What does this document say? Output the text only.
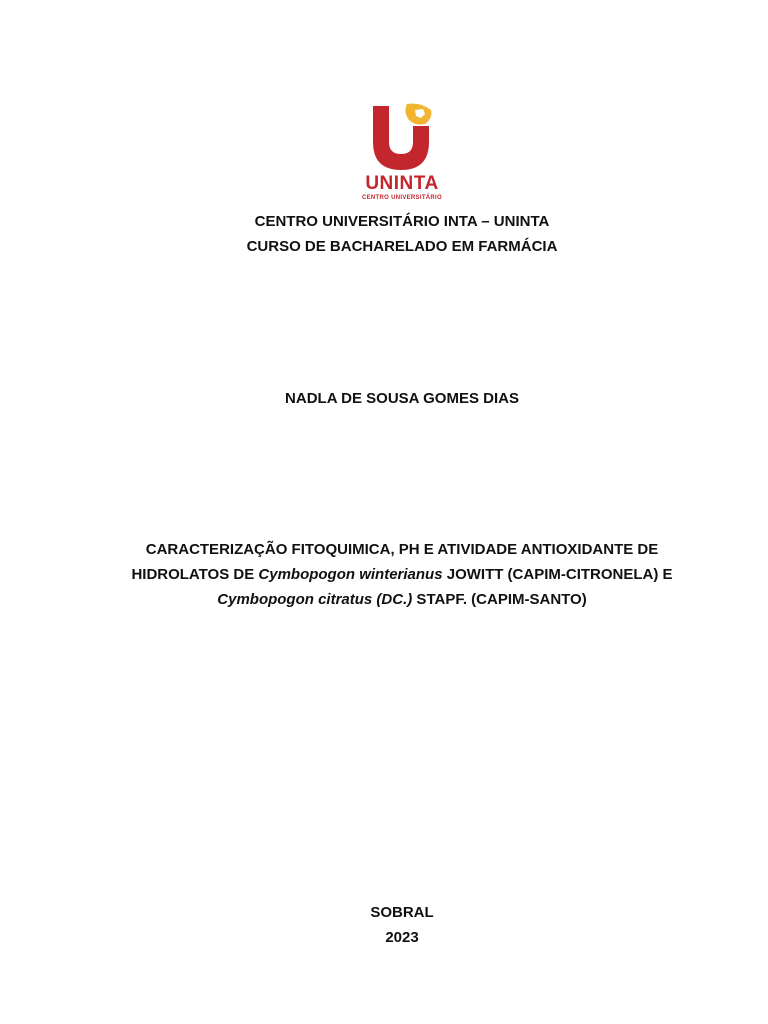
UNINTA
CENTRO UNIVERSITÁRIO
CENTRO UNIVERSITÁRIO INTA – UNINTA
CURSO DE BACHARELADO EM FARMÁCIA
NADLA DE SOUSA GOMES DIAS
CARACTERIZAÇÃO FITOQUIMICA, PH E ATIVIDADE ANTIOXIDANTE DE
HIDROLATOS DE Cymbopogon winterianus JOWITT (CAPIM-CITRONELA) E
Cymbopogon citratus (DC.) STAPF. (CAPIM-SANTO)
SOBRAL
2023
